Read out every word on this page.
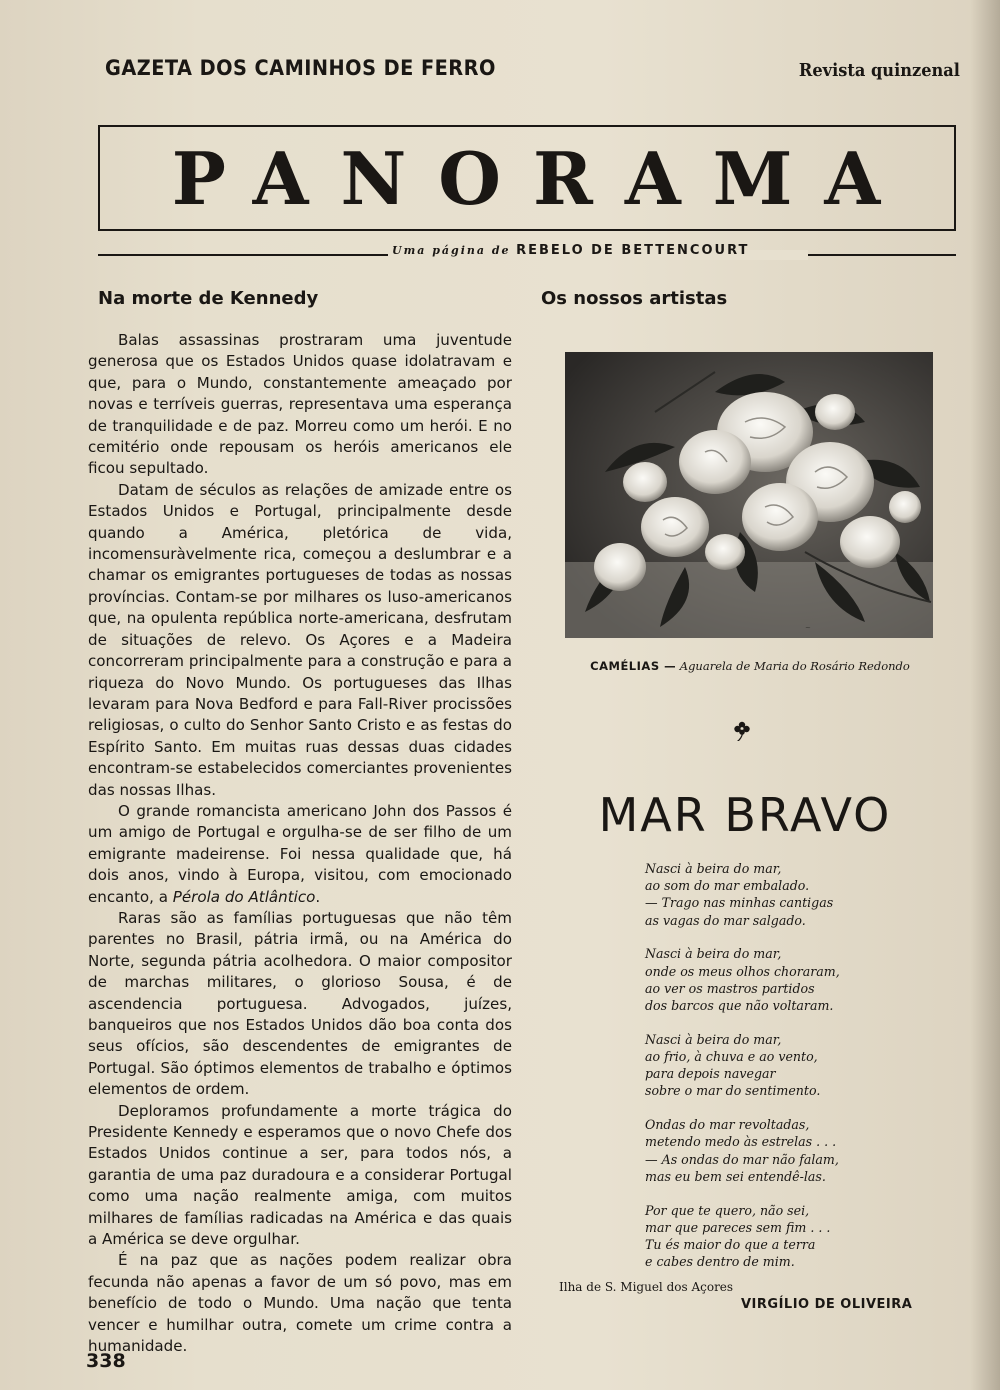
GAZETA DOS CAMINHOS DE FERRO	Revista quinzenal
PANORAMA
Uma página de REBELO DE BETTENCOURT
Na morte de Kennedy

Balas assassinas prostraram uma juventude generosa que os Estados Unidos quase idolatravam e que, para o Mundo, constantemente ameaçado por novas e terríveis guerras, representava uma esperança de tranquilidade e de paz. Morreu como um herói. E no cemitério onde repousam os heróis americanos ele ficou sepultado.

Datam de séculos as relações de amizade entre os Estados Unidos e Portugal, principalmente desde quando a América, pletórica de vida, incomensuràvelmente rica, começou a deslumbrar e a chamar os emigrantes portugueses de todas as nossas províncias. Contam-se por milhares os luso-americanos que, na opulenta república norte-americana, desfrutam de situações de relevo. Os Açores e a Madeira concorreram principalmente para a construção e para a riqueza do Novo Mundo. Os portugueses das Ilhas levaram para Nova Bedford e para Fall-River procissões religiosas, o culto do Senhor Santo Cristo e as festas do Espírito Santo. Em muitas ruas dessas duas cidades encontram-se estabelecidos comerciantes provenientes das nossas Ilhas.

O grande romancista americano John dos Passos é um amigo de Portugal e orgulha-se de ser filho de um emigrante madeirense. Foi nessa qualidade que, há dois anos, vindo à Europa, visitou, com emocionado encanto, a Pérola do Atlântico.

Raras são as famílias portuguesas que não têm parentes no Brasil, pátria irmã, ou na América do Norte, segunda pátria acolhedora. O maior compositor de marchas militares, o glorioso Sousa, é de ascendencia portuguesa. Advogados, juízes, banqueiros que nos Estados Unidos dão boa conta dos seus ofícios, são descendentes de emigrantes de Portugal. São óptimos elementos de trabalho e óptimos elementos de ordem.

Deploramos profundamente a morte trágica do Presidente Kennedy e esperamos que o novo Chefe dos Estados Unidos continue a ser, para todos nós, a garantia de uma paz duradoura e a considerar Portugal como uma nação realmente amiga, com muitos milhares de famílias radicadas na América e das quais a América se deve orgulhar.

É na paz que as nações podem realizar obra fecunda não apenas a favor de um só povo, mas em benefício de todo o Mundo. Uma nação que tenta vencer e humilhar outra, comete um crime contra a humanidade.

Os nossos artistas
~
CAMÉLIAS — Aguarela de Maria do Rosário Redondo
MAR BRAVO
Nasci à beira do mar,
ao som do mar embalado.
— Trago nas minhas cantigas
as vagas do mar salgado.
Nasci à beira do mar,
onde os meus olhos choraram,
ao ver os mastros partidos
dos barcos que não voltaram.
Nasci à beira do mar,
ao frio, à chuva e ao vento,
para depois navegar
sobre o mar do sentimento.
Ondas do mar revoltadas,
metendo medo às estrelas . . .
— As ondas do mar não falam,
mas eu bem sei entendê-las.
Por que te quero, não sei,
mar que pareces sem fim . . .
Tu és maior do que a terra
e cabes dentro de mim.
Ilha de S. Miguel dos Açores
VIRGÍLIO DE OLIVEIRA
338
